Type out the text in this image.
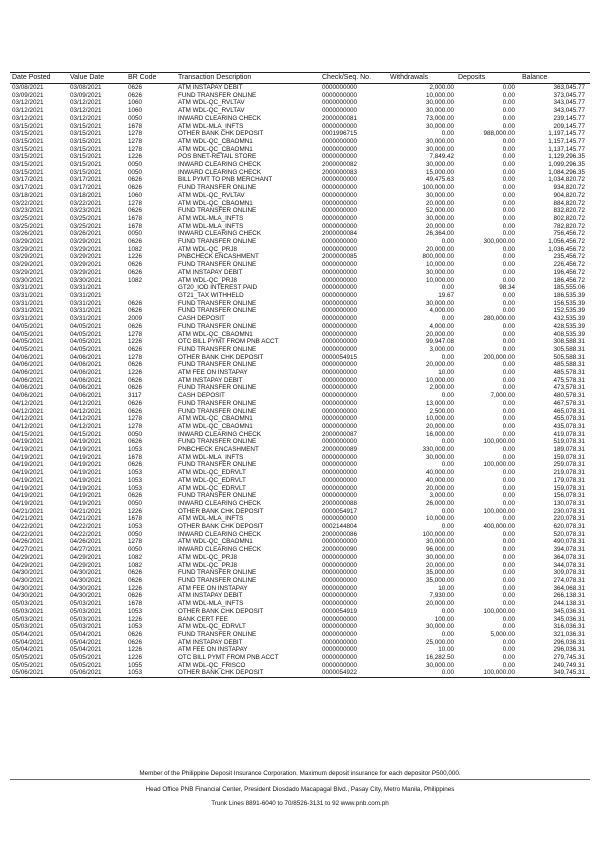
Date Posted	Value Date	BR Code	Transaction Description	Check/Seq. No.	Withdrawals	Deposits	Balance
03/08/2021	03/08/2021	0626	ATM INSTAPAY DEBIT	0000000000	2,000.00	0.00	363,045.77
03/09/2021	03/09/2021	0626	FUND TRANSFER ONLINE	0000000000	10,000.00	0.00	373,045.77
03/12/2021	03/12/2021	1060	ATM WDL-QC_RVLTAV	0000000000	30,000.00	0.00	343,045.77
03/12/2021	03/12/2021	1060	ATM WDL-QC_RVLTAV	0000000000	30,000.00	0.00	343,045.77
03/12/2021	03/12/2021	0050	INWARD CLEARING CHECK	2000000081	73,000.00	0.00	239,145.77
03/15/2021	03/15/2021	1678	ATM WDL-MLA_INFTS	0000000000	30,000.00	0.00	209,145.77
03/15/2021	03/15/2021	1278	OTHER BANK CHK DEPOSIT	0001996715	0.00	988,000.00	1,197,145.77
03/15/2021	03/15/2021	1278	ATM WDL-QC_CBAOMN1	0000000000	30,000.00	0.00	1,157,145.77
03/15/2021	03/15/2021	1278	ATM WDL-QC_CBAOMN1	0000000000	30,000.00	0.00	1,137,145.77
03/15/2021	03/15/2021	1226	POS BNET-RETAIL STORE	0000000000	7,849.42	0.00	1,129,296.35
03/15/2021	03/15/2021	0050	INWARD CLEARING CHECK	2000000082	30,000.00	0.00	1,099,296.35
03/15/2021	03/15/2021	0050	INWARD CLEARING CHECK	2000000083	15,000.00	0.00	1,084,296.35
03/17/2021	03/17/2021	0626	BILL PYMT TO PNB MERCHANT	0000000000	49,475.63	0.00	1,034,820.72
03/17/2021	03/17/2021	0626	FUND TRANSFER ONLINE	0000000000	100,000.00	0.00	934,820.72
03/18/2021	03/18/2021	1060	ATM WDL-QC_RVLTAV	0000000000	30,000.00	0.00	904,820.72
03/22/2021	03/22/2021	1278	ATM WDL-QC_CBAOMN1	0000000000	20,000.00	0.00	884,820.72
03/23/2021	03/23/2021	0626	FUND TRANSFER ONLINE	0000000000	52,000.00	0.00	832,820.72
03/25/2021	03/25/2021	1678	ATM WDL-MLA_INFTS	0000000000	30,000.00	0.00	802,820.72
03/25/2021	03/25/2021	1678	ATM WDL-MLA_INFTS	0000000000	20,000.00	0.00	782,820.72
03/26/2021	03/26/2021	0050	INWARD CLEARING CHECK	2000000084	26,364.00	0.00	756,456.72
03/29/2021	03/29/2021	0626	FUND TRANSFER ONLINE	0000000000	0.00	300,000.00	1,056,456.72
03/29/2021	03/29/2021	1082	ATM WDL-QC_PRJ8	0000000000	20,000.00	0.00	1,036,456.72
03/29/2021	03/29/2021	1226	PNBCHECK ENCASHMENT	2000000085	800,000.00	0.00	235,456.72
03/29/2021	03/29/2021	0626	FUND TRANSFER ONLINE	0000000000	10,000.00	0.00	226,456.72
03/29/2021	03/29/2021	0626	ATM INSTAPAY DEBIT	0000000000	30,000.00	0.00	196,456.72
03/30/2021	03/30/2021	1082	ATM WDL-QC_PRJ8	0000000000	10,000.00	0.00	186,456.72
03/31/2021	03/31/2021		GT20_IOD INTEREST PAID	0000000000	0.00	98.34	185,555.06
03/31/2021	03/31/2021		GT21_TAX WITHHELD	0000000000	19.67	0.00	186,535.39
03/31/2021	03/31/2021	0626	FUND TRANSFER ONLINE	0000000000	30,000.00	0.00	156,535.39
03/31/2021	03/31/2021	0626	FUND TRANSFER ONLINE	0000000000	4,000.00	0.00	152,535.39
03/31/2021	03/31/2021	2009	CASH DEPOSIT	0000000000	0.00	280,000.00	432,535.39
04/05/2021	04/05/2021	0626	FUND TRANSFER ONLINE	0000000000	4,000.00	0.00	428,535.39
04/05/2021	04/05/2021	1278	ATM WDL-QC_CBAOMN1	0000000000	20,000.00	0.00	408,535.39
04/05/2021	04/05/2021	1226	OTC BILL PYMT FROM PNB ACCT	0000000000	99,947.08	0.00	308,588.31
04/05/2021	04/05/2021	0626	FUND TRANSFER ONLINE	0000000000	3,000.00	0.00	305,588.31
04/06/2021	04/06/2021	1278	OTHER BANK CHK DEPOSIT	0000054915	0.00	200,000.00	505,588.31
04/06/2021	04/06/2021	0626	FUND TRANSFER ONLINE	0000000000	20,000.00	0.00	485,588.31
04/06/2021	04/06/2021	1226	ATM FEE ON INSTAPAY	0000000000	10.00	0.00	485,578.31
04/06/2021	04/06/2021	0626	ATM INSTAPAY DEBIT	0000000000	10,000.00	0.00	475,578.31
04/06/2021	04/06/2021	0626	FUND TRANSFER ONLINE	0000000000	2,000.00	0.00	473,578.31
04/06/2021	04/06/2021	3117	CASH DEPOSIT	0000000000	0.00	7,000.00	480,578.31
04/12/2021	04/12/2021	0626	FUND TRANSFER ONLINE	0000000000	13,000.00	0.00	467,578.31
04/12/2021	04/12/2021	0626	FUND TRANSFER ONLINE	0000000000	2,500.00	0.00	465,078.31
04/12/2021	04/12/2021	1278	ATM WDL-QC_CBAOMN1	0000000000	10,000.00	0.00	455,078.31
04/12/2021	04/12/2021	1278	ATM WDL-QC_CBAOMN1	0000000000	20,000.00	0.00	435,078.31
04/15/2021	04/15/2021	0050	INWARD CLEARING CHECK	2000000087	16,000.00	0.00	419,078.31
04/19/2021	04/19/2021	0626	FUND TRANSFER ONLINE	0000000000	0.00	100,000.00	519,078.31
04/19/2021	04/19/2021	1053	PNBCHECK ENCASHMENT	2000000089	330,000.00	0.00	189,078.31
04/19/2021	04/19/2021	1678	ATM WDL-MLA_INFTS	0000000000	30,000.00	0.00	159,078.31
04/19/2021	04/19/2021	0626	FUND TRANSFER ONLINE	0000000000	0.00	100,000.00	259,078.31
04/19/2021	04/19/2021	1053	ATM WDL-QC_EDRVLT	0000000000	40,000.00	0.00	219,078.31
04/19/2021	04/19/2021	1053	ATM WDL-QC_EDRVLT	0000000000	40,000.00	0.00	179,078.31
04/19/2021	04/19/2021	1053	ATM WDL-QC_EDRVLT	0000000000	20,000.00	0.00	159,078.31
04/19/2021	04/19/2021	0626	FUND TRANSFER ONLINE	0000000000	3,000.00	0.00	156,078.31
04/19/2021	04/19/2021	0050	INWARD CLEARING CHECK	2000000088	26,000.00	0.00	130,078.31
04/21/2021	04/21/2021	1226	OTHER BANK CHK DEPOSIT	0000054917	0.00	100,000.00	230,078.31
04/21/2021	04/21/2021	1678	ATM WDL-MLA_INFTS	0000000000	10,000.00	0.00	220,078.31
04/22/2021	04/22/2021	1053	OTHER BANK CHK DEPOSIT	0002144804	0.00	400,000.00	620,078.31
04/22/2021	04/22/2021	0050	INWARD CLEARING CHECK	2000000086	100,000.00	0.00	520,078.31
04/26/2021	04/26/2021	1278	ATM WDL-QC_CBAOMN1	0000000000	30,000.00	0.00	490,078.31
04/27/2021	04/27/2021	0050	INWARD CLEARING CHECK	2000000090	96,000.00	0.00	394,078.31
04/29/2021	04/29/2021	1082	ATM WDL-QC_PRJ8	0000000000	30,000.00	0.00	364,078.31
04/29/2021	04/29/2021	1082	ATM WDL-QC_PRJ8	0000000000	20,000.00	0.00	344,078.31
04/30/2021	04/30/2021	0626	FUND TRANSFER ONLINE	0000000000	35,000.00	0.00	309,078.31
04/30/2021	04/30/2021	0626	FUND TRANSFER ONLINE	0000000000	35,000.00	0.00	274,078.31
04/30/2021	04/30/2021	1226	ATM FEE ON INSTAPAY	0000000000	10.00	0.00	364,068.31
04/30/2021	04/30/2021	0626	ATM INSTAPAY DEBIT	0000000000	7,930.00	0.00	266,138.31
05/03/2021	05/03/2021	1678	ATM WDL-MLA_INFTS	0000000000	20,000.00	0.00	244,138.31
05/03/2021	05/03/2021	1053	OTHER BANK CHK DEPOSIT	0000054919	0.00	100,000.00	345,036.31
05/03/2021	05/03/2021	1226	BANK CERT FEE	0000000000	100.00	0.00	345,036.31
05/03/2021	05/03/2021	1053	ATM WDL-QC_EDRVLT	0000000000	30,000.00	0.00	316,036.31
05/04/2021	05/04/2021	0626	FUND TRANSFER ONLINE	0000000000	0.00	5,000.00	321,036.31
05/04/2021	05/04/2021	0626	ATM INSTAPAY DEBIT	0000000000	25,000.00	0.00	296,036.31
05/04/2021	05/04/2021	1226	ATM FEE ON INSTAPAY	0000000000	10.00	0.00	296,036.31
05/05/2021	05/05/2021	1226	OTC BILL PYMT FROM PNB ACCT	0000000000	16,282.50	0.00	279,745.31
05/05/2021	05/05/2021	1055	ATM WDL-QC_FRISCO	0000000000	30,000.00	0.00	249,749.31
05/06/2021	05/06/2021	1053	OTHER BANK CHK DEPOSIT	0000054922	0.00	100,000.00	349,745.31
Member of the Philippine Deposit Insurance Corporation. Maximum deposit insurance for each depositor P500,000.
Head Office PNB Financial Center, President Diosdado Macapagal Blvd., Pasay City, Metro Manila, Philippines
Trunk Lines 8891-6040 to 70/8526-3131 to 92 www.pnb.com.ph
